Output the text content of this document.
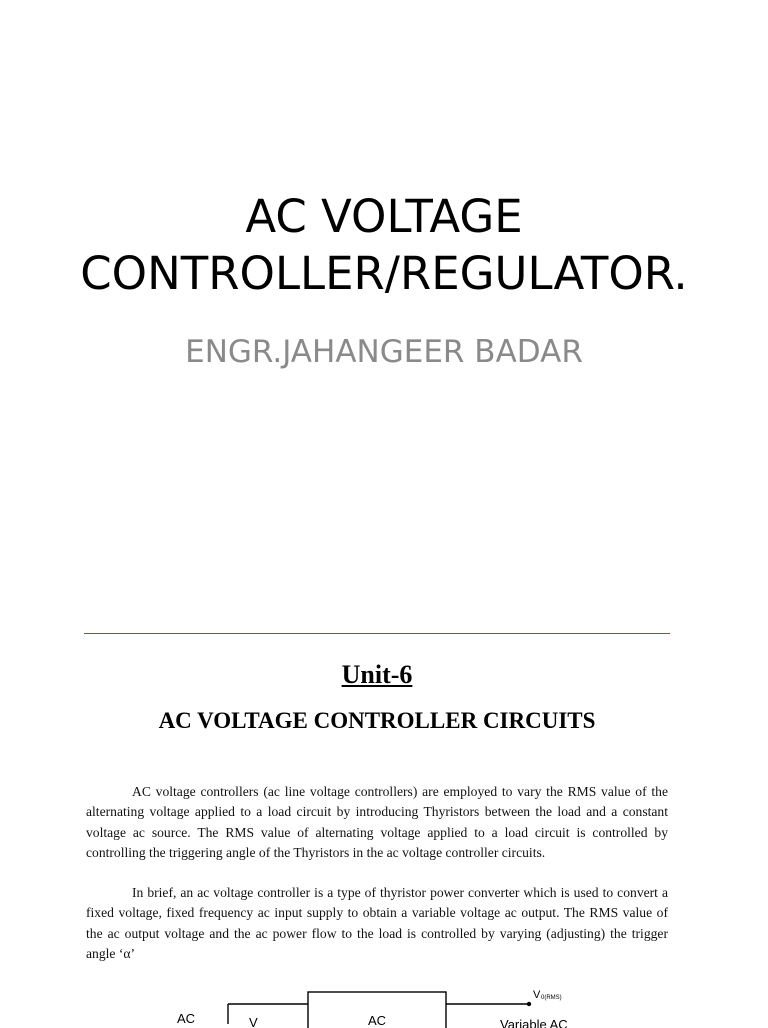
AC VOLTAGE CONTROLLER/REGULATOR.
ENGR.JAHANGEER BADAR
Unit-6
AC VOLTAGE CONTROLLER CIRCUITS

AC voltage controllers (ac line voltage controllers) are employed to vary the RMS value of the alternating voltage applied to a load circuit by introducing Thyristors between the load and a constant voltage ac source. The RMS value of alternating voltage applied to a load circuit is controlled by controlling the triggering angle of the Thyristors in the ac voltage controller circuits.

In brief, an ac voltage controller is a type of thyristor power converter which is used to convert a fixed voltage, fixed frequency ac input supply to obtain a variable voltage ac output. The RMS value of the ac output voltage and the ac power flow to the load is controlled by varying (adjusting) the trigger angle ‘α’

AC	V	AC
V 0(RMS)
Variable AC
